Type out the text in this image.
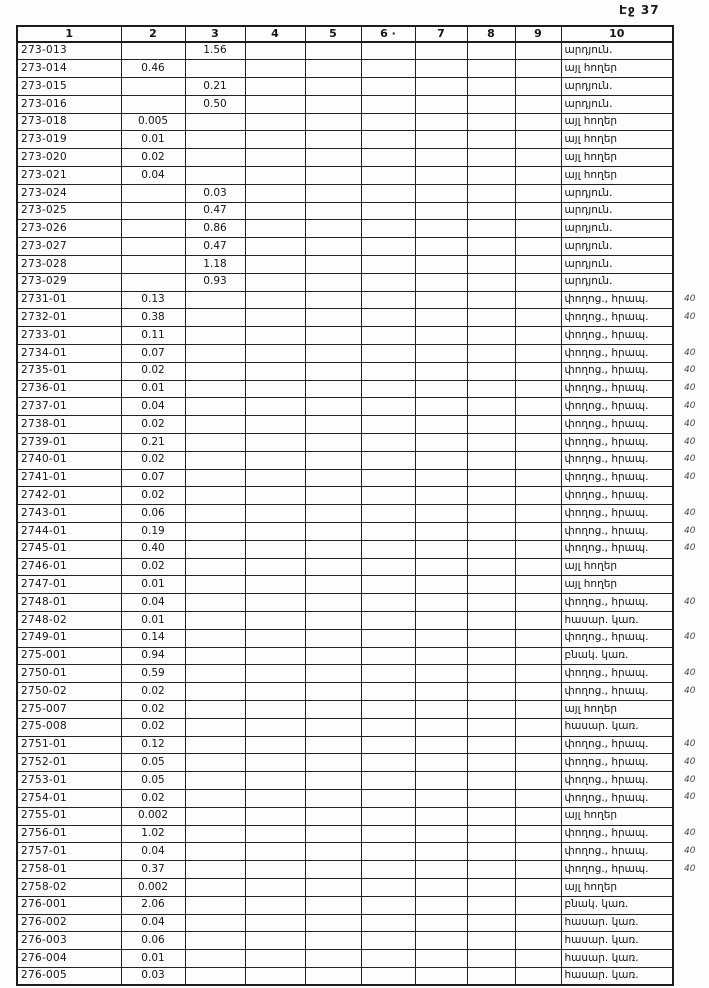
Էջ 37
1	2	3	4	5	6 ·	7	8	9	10
273-013		1.56							արդյուն.
273-014	0.46								այլ հողեր
273-015		0.21							արդյուն.
273-016		0.50							արդյուն.
273-018	0.005								այլ հողեր
273-019	0.01								այլ հողեր
273-020	0.02								այլ հողեր
273-021	0.04								այլ հողեր
273-024		0.03							արդյուն.
273-025		0.47							արդյուն.
273-026		0.86							արդյուն.
273-027		0.47							արդյուն.
273-028		1.18							արդյուն.
273-029		0.93							արդյուն.
2731-01	0.13								փողոց., հրապ.
2732-01	0.38								փողոց., հրապ.
2733-01	0.11								փողոց., հրապ.
2734-01	0.07								փողոց., հրապ.
2735-01	0.02								փողոց., հրապ.
2736-01	0.01								փողոց., հրապ.
2737-01	0.04								փողոց., հրապ.
2738-01	0.02								փողոց., հրապ.
2739-01	0.21								փողոց., հրապ.
2740-01	0.02								փողոց., հրապ.
2741-01	0.07								փողոց., հրապ.
2742-01	0.02								փողոց., հրապ.
2743-01	0.06								փողոց., հրապ.
2744-01	0.19								փողոց., հրապ.
2745-01	0.40								փողոց., հրապ.
2746-01	0.02								այլ հողեր
2747-01	0.01								այլ հողեր
2748-01	0.04								փողոց., հրապ.
2748-02	0.01								հասար. կառ.
2749-01	0.14								փողոց., հրապ.
275-001	0.94								բնակ. կառ.
2750-01	0.59								փողոց., հրապ.
2750-02	0.02								փողոց., հրապ.
275-007	0.02								այլ հողեր
275-008	0.02								հասար. կառ.
2751-01	0.12								փողոց., հրապ.
2752-01	0.05								փողոց., հրապ.
2753-01	0.05								փողոց., հրապ.
2754-01	0.02								փողոց., հրապ.
2755-01	0.002								այլ հողեր
2756-01	1.02								փողոց., հրապ.
2757-01	0.04								փողոց., հրապ.
2758-01	0.37								փողոց., հրապ.
2758-02	0.002								այլ հողեր
276-001	2.06								բնակ. կառ.
276-002	0.04								հասար. կառ.
276-003	0.06								հասար. կառ.
276-004	0.01								հասար. կառ.
276-005	0.03								հասար. կառ.
40
40
40
40
40
40
40
40
40
40
40
40
40
40
40
40
40
40
40
40
40
40
40
40
